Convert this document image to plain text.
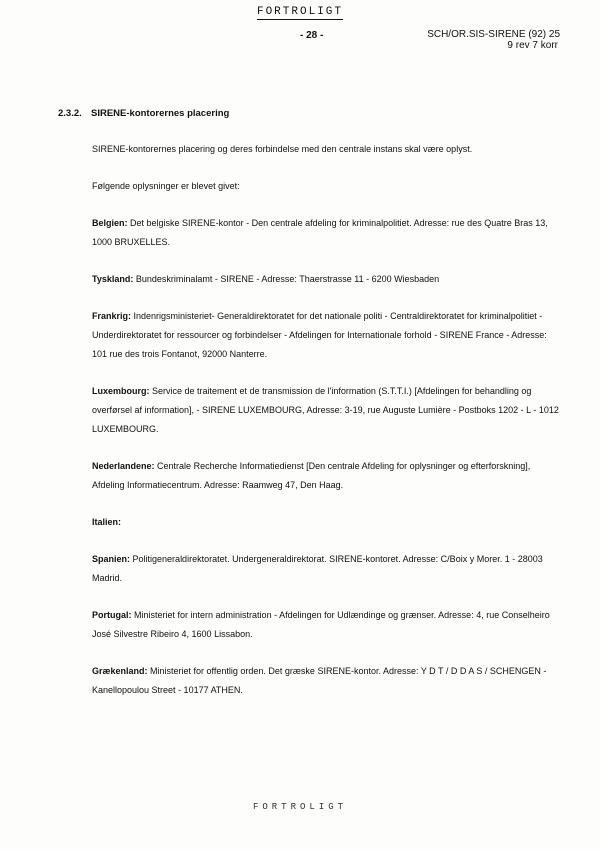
FORTROLIGT
- 28 -	SCH/OR.SIS-SIRENE (92) 25
9 rev 7 korr
2.3.2. SIRENE-kontorernes placering

SIRENE-kontorernes placering og deres forbindelse med den centrale instans skal være oplyst.

Følgende oplysninger er blevet givet:

Belgien: Det belgiske SIRENE-kontor - Den centrale afdeling for kriminalpolitiet. Adresse: rue des Quatre Bras 13, 1000 BRUXELLES.

Tyskland: Bundeskriminalamt - SIRENE - Adresse: Thaerstrasse 11 - 6200 Wiesbaden

Frankrig: Indenrigsministeriet- Generaldirektoratet for det nationale politi - Centraldirektoratet for kriminalpolitiet - Underdirektoratet for ressourcer og forbindelser - Afdelingen for Internationale forhold - SIRENE France - Adresse: 101 rue des trois Fontanot, 92000 Nanterre.

Luxembourg: Service de traitement et de transmission de l'information (S.T.T.I.) [Afdelingen for behandling og overførsel af information], - SIRENE LUXEMBOURG, Adresse: 3-19, rue Auguste Lumière - Postboks 1202 - L - 1012 LUXEMBOURG.

Nederlandene: Centrale Recherche Informatiedienst [Den centrale Afdeling for oplysninger og efterforskning], Afdeling Informatiecentrum. Adresse: Raamweg 47, Den Haag.

Italien:

Spanien: Politigeneraldirektoratet. Undergeneraldirektorat. SIRENE-kontoret. Adresse: C/Boix y Morer. 1 - 28003 Madrid.

Portugal: Ministeriet for intern administration - Afdelingen for Udlændinge og grænser. Adresse: 4, rue Conselheiro José Silvestre Ribeiro 4, 1600 Lissabon.

Grækenland: Ministeriet for offentlig orden. Det græske SIRENE-kontor. Adresse: Y D T / D D A S / SCHENGEN - Kanellopoulou Street - 10177 ATHEN.

FORTROLIGT
